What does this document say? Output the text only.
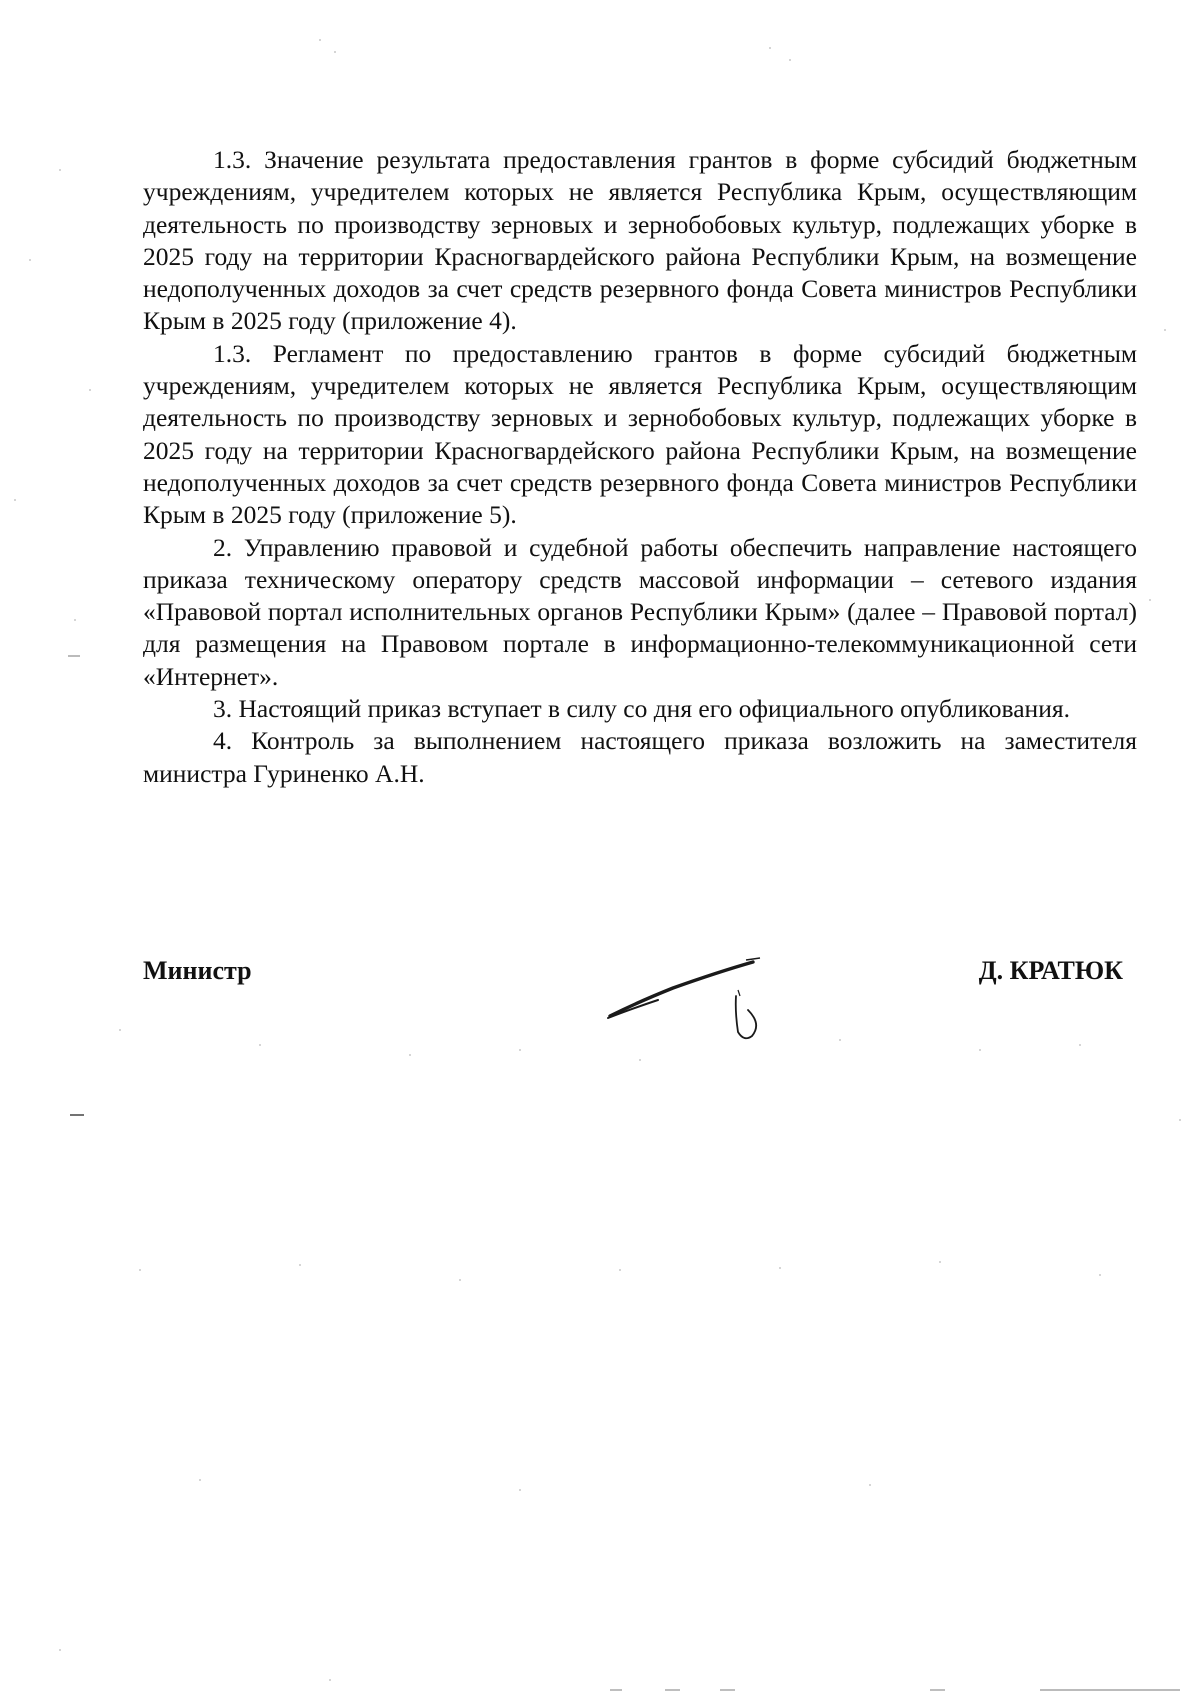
1.3. Значение результата предоставления грантов в форме субсидий бюджетным учреждениям, учредителем которых не является Республика Крым, осуществляющим деятельность по производству зерновых и зернобобовых культур, подлежащих уборке в 2025 году на территории Красногвардейского района Республики Крым, на возмещение недополученных доходов за счет средств резервного фонда Совета министров Республики Крым в 2025 году (приложение 4).

1.3. Регламент по предоставлению грантов в форме субсидий бюджетным учреждениям, учредителем которых не является Республика Крым, осуществляющим деятельность по производству зерновых и зернобобовых культур, подлежащих уборке в 2025 году на территории Красногвардейского района Республики Крым, на возмещение недополученных доходов за счет средств резервного фонда Совета министров Республики Крым в 2025 году (приложение 5).

2. Управлению правовой и судебной работы обеспечить направление настоящего приказа техническому оператору средств массовой информации – сетевого издания «Правовой портал исполнительных органов Республики Крым» (далее – Правовой портал) для размещения на Правовом портале в информационно-телекоммуникационной сети «Интернет».

3. Настоящий приказ вступает в силу со дня его официального опубликования.

4. Контроль за выполнением настоящего приказа возложить на заместителя министра Гуриненко А.Н.

Министр	Д. КРАТЮК
